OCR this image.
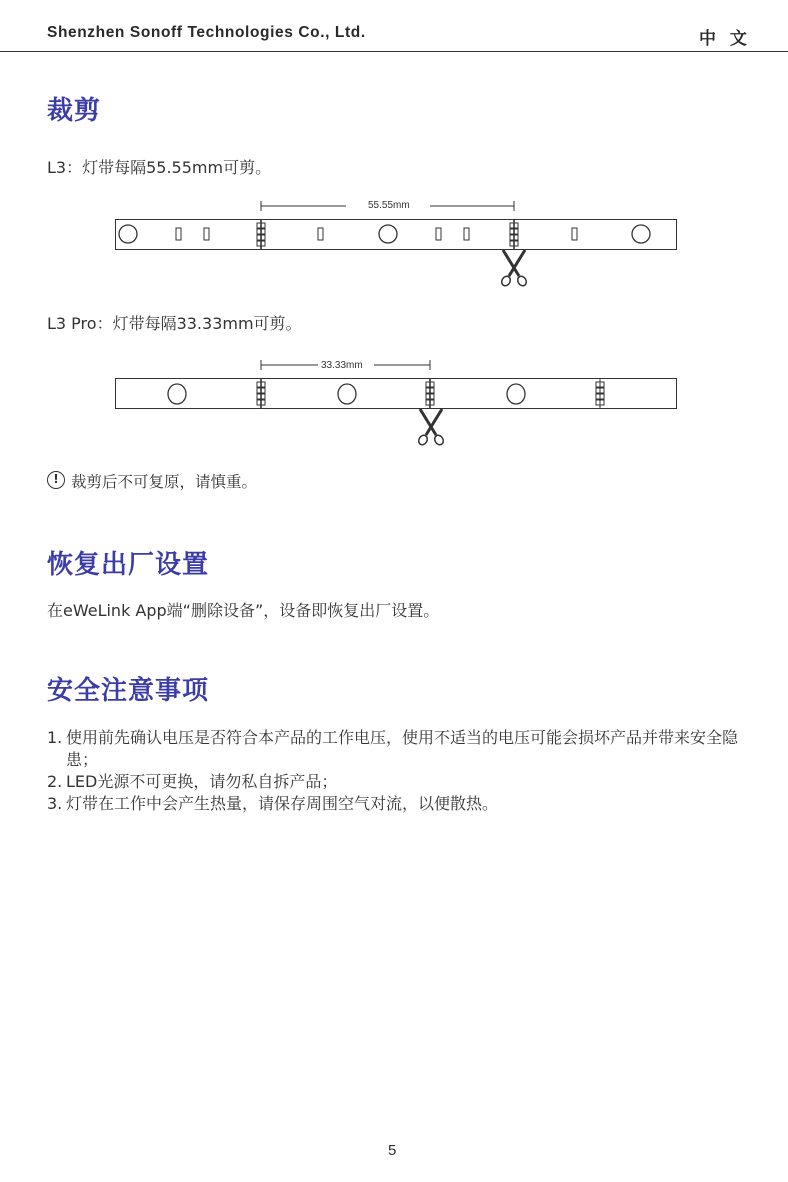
Shenzhen Sonoff Technologies Co., Ltd.	中 文
裁剪
L3：灯带每隔55.55mm可剪。
55.55mm
L3 Pro：灯带每隔33.33mm可剪。
33.33mm
! 裁剪后不可复原，请慎重。
恢复出厂设置
在eWeLink App端“删除设备”，设备即恢复出厂设置。
安全注意事项
1. 使用前先确认电压是否符合本产品的工作电压，使用不适当的电压可能会损坏产品并带来安全隐患；
2. LED光源不可更换，请勿私自拆产品；
3. 灯带在工作中会产生热量，请保存周围空气对流，以便散热。
5
